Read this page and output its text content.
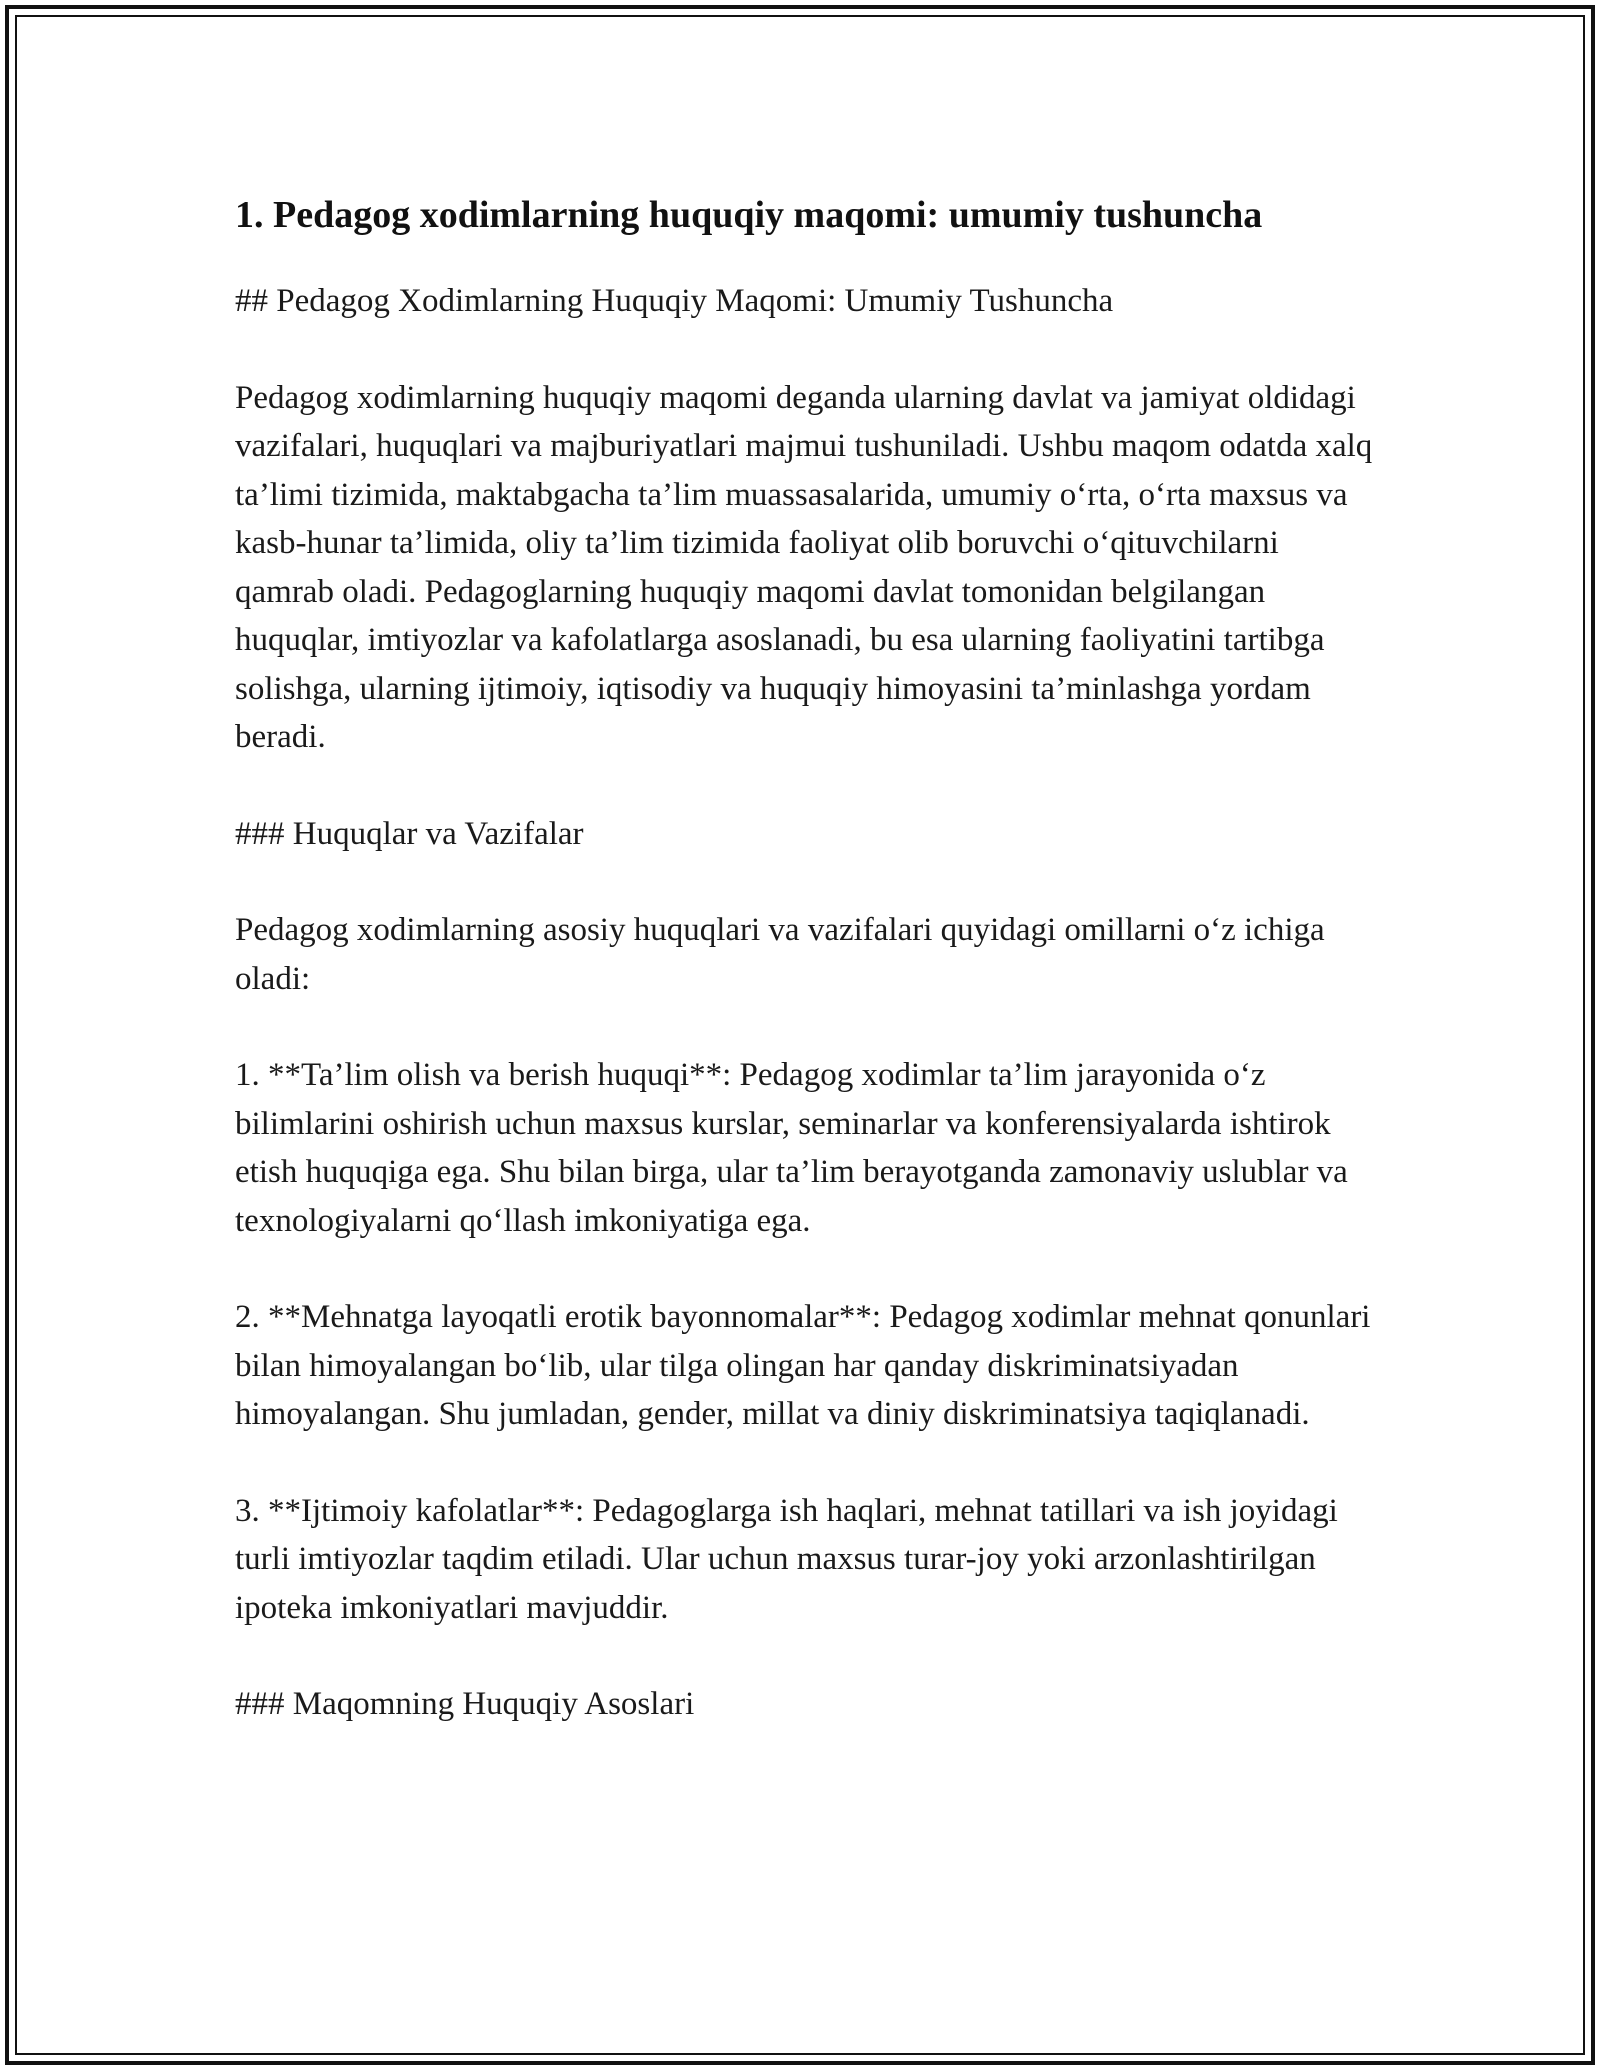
1. Pedagog xodimlarning huquqiy maqomi: umumiy tushuncha

## Pedagog Xodimlarning Huquqiy Maqomi: Umumiy Tushuncha

Pedagog xodimlarning huquqiy maqomi deganda ularning davlat va jamiyat oldidagi vazifalari, huquqlari va majburiyatlari majmui tushuniladi. Ushbu maqom odatda xalq ta’limi tizimida, maktabgacha ta’lim muassasalarida, umumiy o‘rta, o‘rta maxsus va kasb-hunar ta’limida, oliy ta’lim tizimida faoliyat olib boruvchi o‘qituvchilarni qamrab oladi. Pedagoglarning huquqiy maqomi davlat tomonidan belgilangan huquqlar, imtiyozlar va kafolatlarga asoslanadi, bu esa ularning faoliyatini tartibga solishga, ularning ijtimoiy, iqtisodiy va huquqiy himoyasini ta’minlashga yordam beradi.

### Huquqlar va Vazifalar

Pedagog xodimlarning asosiy huquqlari va vazifalari quyidagi omillarni o‘z ichiga oladi:

1. **Ta’lim olish va berish huquqi**: Pedagog xodimlar ta’lim jarayonida o‘z bilimlarini oshirish uchun maxsus kurslar, seminarlar va konferensiyalarda ishtirok etish huquqiga ega. Shu bilan birga, ular ta’lim berayotganda zamonaviy uslublar va texnologiyalarni qo‘llash imkoniyatiga ega.

2. **Mehnatga layoqatli erotik bayonnomalar**: Pedagog xodimlar mehnat qonunlari bilan himoyalangan bo‘lib, ular tilga olingan har qanday diskriminatsiyadan himoyalangan. Shu jumladan, gender, millat va diniy diskriminatsiya taqiqlanadi.

3. **Ijtimoiy kafolatlar**: Pedagoglarga ish haqlari, mehnat tatillari va ish joyidagi turli imtiyozlar taqdim etiladi. Ular uchun maxsus turar-joy yoki arzonlashtirilgan ipoteka imkoniyatlari mavjuddir.

### Maqomning Huquqiy Asoslari
